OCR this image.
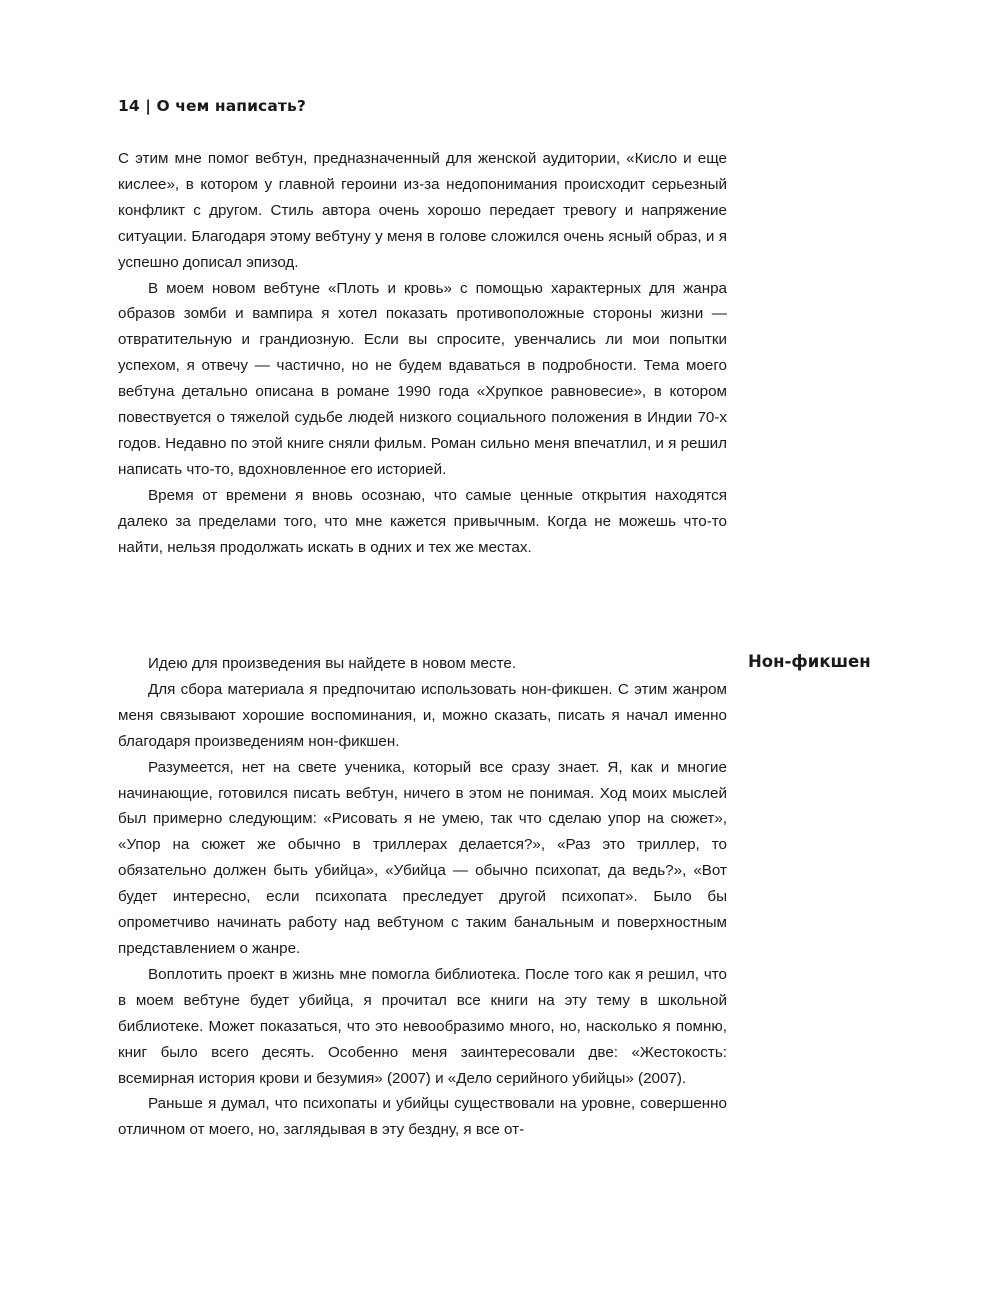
14 | О чем написать?

С этим мне помог вебтун, предназначенный для женской аудитории, «Кисло и еще кислее», в котором у главной героини из-за недопонимания происходит серьезный конфликт с другом. Стиль автора очень хорошо передает тревогу и напряжение ситуации. Благодаря этому вебтуну у меня в голове сложился очень ясный образ, и я успешно дописал эпизод.

В моем новом вебтуне «Плоть и кровь» с помощью характерных для жанра образов зомби и вампира я хотел показать противоположные стороны жизни — отвратительную и грандиозную. Если вы спросите, увенчались ли мои попытки успехом, я отвечу — частично, но не будем вдаваться в подробности. Тема моего вебтуна детально описана в романе 1990 года «Хрупкое равновесие», в котором повествуется о тяжелой судьбе людей низкого социального положения в Индии 70-х годов. Недавно по этой книге сняли фильм. Роман сильно меня впечатлил, и я решил написать что-то, вдохновленное его историей.

Время от времени я вновь осознаю, что самые ценные открытия находятся далеко за пределами того, что мне кажется привычным. Когда не можешь что-то найти, нельзя продолжать искать в одних и тех же местах.

Нон-фикшен

Идею для произведения вы найдете в новом месте.

Для сбора материала я предпочитаю использовать нон-фикшен. С этим жанром меня связывают хорошие воспоминания, и, можно сказать, писать я начал именно благодаря произведениям нон-фикшен.

Разумеется, нет на свете ученика, который все сразу знает. Я, как и многие начинающие, готовился писать вебтун, ничего в этом не понимая. Ход моих мыслей был примерно следующим: «Рисовать я не умею, так что сделаю упор на сюжет», «Упор на сюжет же обычно в триллерах делается?», «Раз это триллер, то обязательно должен быть убийца», «Убийца — обычно психопат, да ведь?», «Вот будет интересно, если психопата преследует другой психопат». Было бы опрометчиво начинать работу над вебтуном с таким банальным и поверхностным представлением о жанре.

Воплотить проект в жизнь мне помогла библиотека. После того как я решил, что в моем вебтуне будет убийца, я прочитал все книги на эту тему в школьной библиотеке. Может показаться, что это невообразимо много, но, насколько я помню, книг было всего десять. Особенно меня заинтересовали две: «Жестокость: всемирная история крови и безумия» (2007) и «Дело серийного убийцы» (2007).

Раньше я думал, что психопаты и убийцы существовали на уровне, совершенно отличном от моего, но, заглядывая в эту бездну, я все от-
